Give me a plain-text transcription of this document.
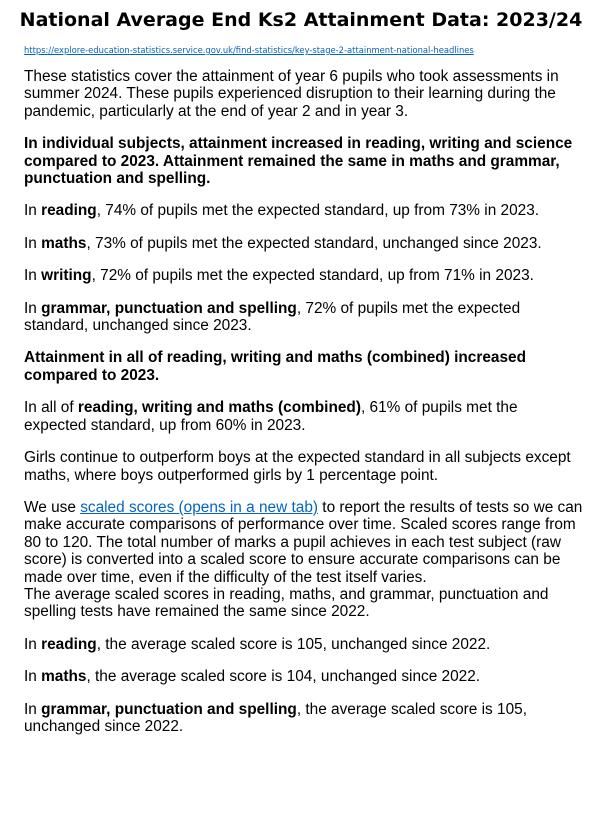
National Average End Ks2 Attainment Data: 2023/24
https://explore-education-statistics.service.gov.uk/find-statistics/key-stage-2-attainment-national-headlines

These statistics cover the attainment of year 6 pupils who took assessments in summer 2024. These pupils experienced disruption to their learning during the pandemic, particularly at the end of year 2 and in year 3.

In individual subjects, attainment increased in reading, writing and science compared to 2023. Attainment remained the same in maths and grammar, punctuation and spelling.

In reading, 74% of pupils met the expected standard, up from 73% in 2023.

In maths, 73% of pupils met the expected standard, unchanged since 2023.

In writing, 72% of pupils met the expected standard, up from 71% in 2023.

In grammar, punctuation and spelling, 72% of pupils met the expected standard, unchanged since 2023.

Attainment in all of reading, writing and maths (combined) increased compared to 2023.

In all of reading, writing and maths (combined), 61% of pupils met the expected standard, up from 60% in 2023.

Girls continue to outperform boys at the expected standard in all subjects except maths, where boys outperformed girls by 1 percentage point.

We use scaled scores (opens in a new tab) to report the results of tests so we can make accurate comparisons of performance over time. Scaled scores range from 80 to 120. The total number of marks a pupil achieves in each test subject (raw score) is converted into a scaled score to ensure accurate comparisons can be made over time, even if the difficulty of the test itself varies.

The average scaled scores in reading, maths, and grammar, punctuation and spelling tests have remained the same since 2022.

In reading, the average scaled score is 105, unchanged since 2022.

In maths, the average scaled score is 104, unchanged since 2022.

In grammar, punctuation and spelling, the average scaled score is 105, unchanged since 2022.
